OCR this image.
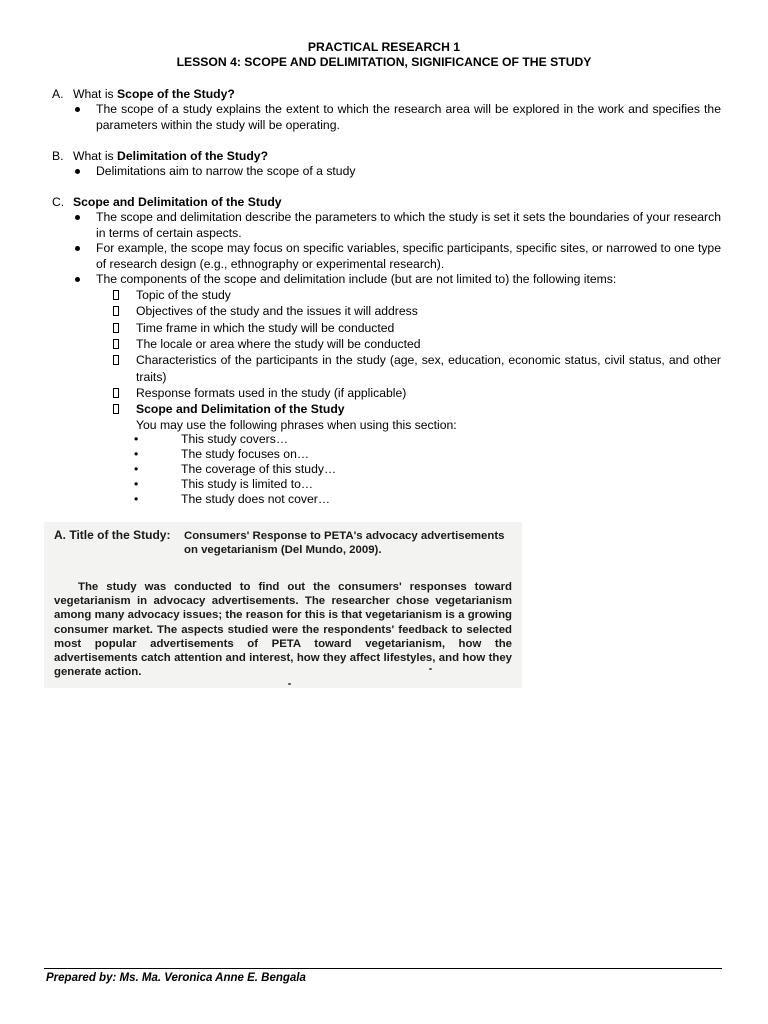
PRACTICAL RESEARCH 1
LESSON 4: SCOPE AND DELIMITATION, SIGNIFICANCE OF THE STUDY
A. What is Scope of the Study?
The scope of a study explains the extent to which the research area will be explored in the work and specifies the parameters within the study will be operating.
B. What is Delimitation of the Study?
Delimitations aim to narrow the scope of a study
C. Scope and Delimitation of the Study
The scope and delimitation describe the parameters to which the study is set it sets the boundaries of your research in terms of certain aspects.
For example, the scope may focus on specific variables, specific participants, specific sites, or narrowed to one type of research design (e.g., ethnography or experimental research).
The components of the scope and delimitation include (but are not limited to) the following items:
Topic of the study
Objectives of the study and the issues it will address
Time frame in which the study will be conducted
The locale or area where the study will be conducted
Characteristics of the participants in the study (age, sex, education, economic status, civil status, and other traits)
Response formats used in the study (if applicable)
Scope and Delimitation of the Study
You may use the following phrases when using this section:
•	This study covers…
•	The study focuses on…
•	The coverage of this study…
•	This study is limited to…
•	The study does not cover…
A. Title of the Study: Consumers' Response to PETA's advocacy advertisements on vegetarianism (Del Mundo, 2009).
The study was conducted to find out the consumers' responses toward vegetarianism in advocacy advertisements. The researcher chose vegetarianism among many advocacy issues; the reason for this is that vegetarianism is a growing consumer market. The aspects studied were the respondents' feedback to selected most popular advertisements of PETA toward vegetarianism, how the advertisements catch attention and interest, how they affect lifestyles, and how they generate action.
Prepared by: Ms. Ma. Veronica Anne E. Bengala
